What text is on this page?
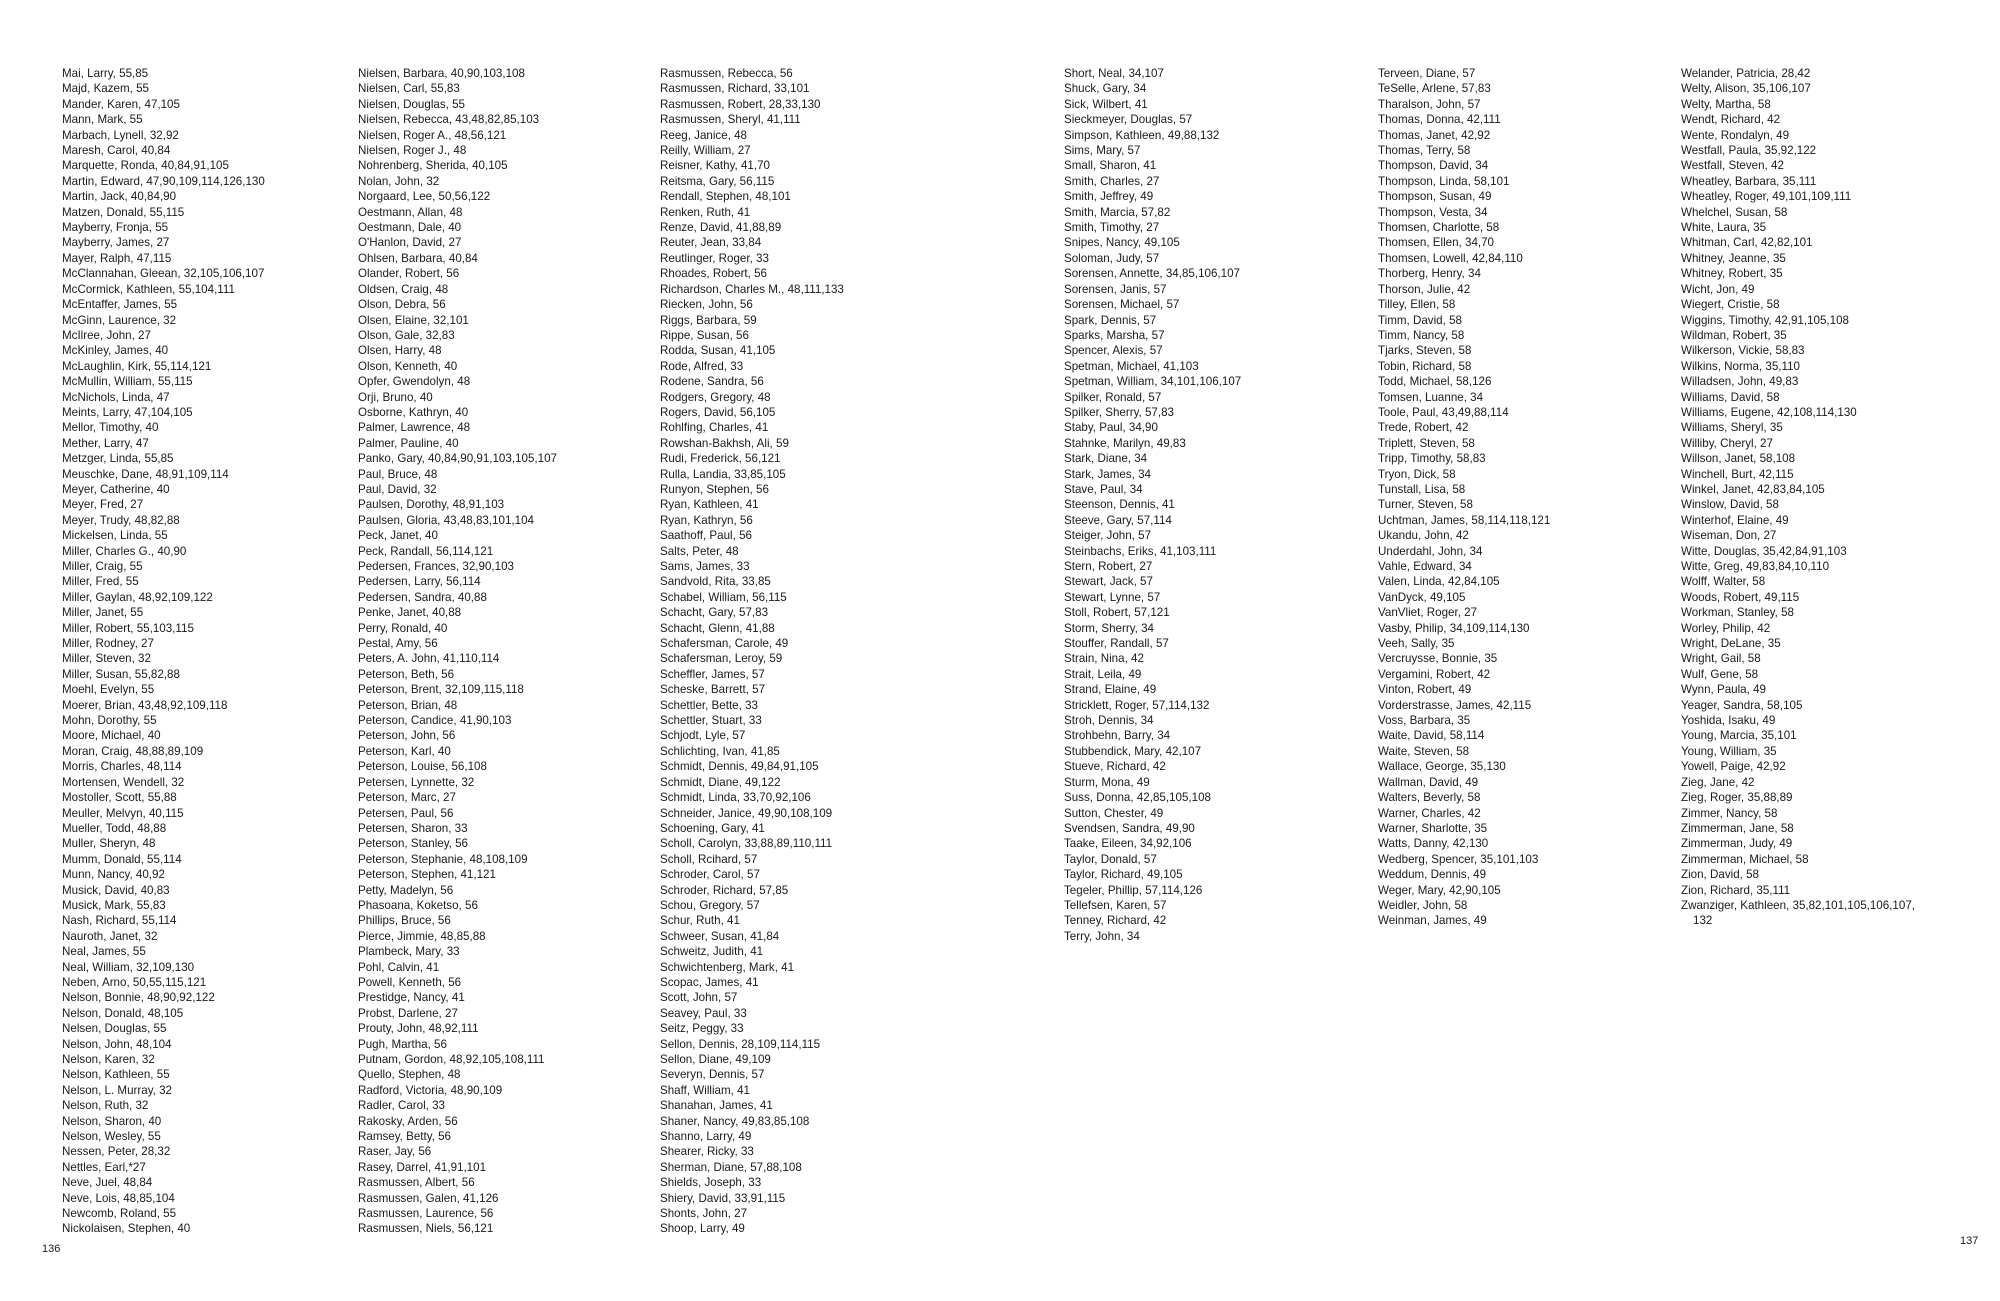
Mai, Larry, 55,85
Majd, Kazem, 55
Mander, Karen, 47,105
Mann, Mark, 55
Marbach, Lynell, 32,92
Maresh, Carol, 40,84
Marquette, Ronda, 40,84,91,105
Martin, Edward, 47,90,109,114,126,130
Martin, Jack, 40,84,90
Matzen, Donald, 55,115
Mayberry, Fronja, 55
Mayberry, James, 27
Mayer, Ralph, 47,115
McClannahan, Gleean, 32,105,106,107
McCormick, Kathleen, 55,104,111
McEntaffer, James, 55
McGinn, Laurence, 32
McIlree, John, 27
McKinley, James, 40
McLaughlin, Kirk, 55,114,121
McMullin, William, 55,115
McNichols, Linda, 47
Meints, Larry, 47,104,105
Mellor, Timothy, 40
Mether, Larry, 47
Metzger, Linda, 55,85
Meuschke, Dane, 48,91,109,114
Meyer, Catherine, 40
Meyer, Fred, 27
Meyer, Trudy, 48,82,88
Mickelsen, Linda, 55
Miller, Charles G., 40,90
Miller, Craig, 55
Miller, Fred, 55
Miller, Gaylan, 48,92,109,122
Miller, Janet, 55
Miller, Robert, 55,103,115
Miller, Rodney, 27
Miller, Steven, 32
Miller, Susan, 55,82,88
Moehl, Evelyn, 55
Moerer, Brian, 43,48,92,109,118
Mohn, Dorothy, 55
Moore, Michael, 40
Moran, Craig, 48,88,89,109
Morris, Charles, 48,114
Mortensen, Wendell, 32
Mostoller, Scott, 55,88
Meuller, Melvyn, 40,115
Mueller, Todd, 48,88
Muller, Sheryn, 48
Mumm, Donald, 55,114
Munn, Nancy, 40,92
Musick, David, 40,83
Musick, Mark, 55,83
Nash, Richard, 55,114
Nauroth, Janet, 32
Neal, James, 55
Neal, William, 32,109,130
Neben, Arno, 50,55,115,121
Nelson, Bonnie, 48,90,92,122
Nelson, Donald, 48,105
Nelsen, Douglas, 55
Nelson, John, 48,104
Nelson, Karen, 32
Nelson, Kathleen, 55
Nelson, L. Murray, 32
Nelson, Ruth, 32
Nelson, Sharon, 40
Nelson, Wesley, 55
Nessen, Peter, 28,32
Nettles, Earl,*27
Neve, Juel, 48,84
Neve, Lois, 48,85,104
Newcomb, Roland, 55
Nickolaisen, Stephen, 40
Nielsen, Barbara, 40,90,103,108
Nielsen, Carl, 55,83
Nielsen, Douglas, 55
Nielsen, Rebecca, 43,48,82,85,103
Nielsen, Roger A., 48,56,121
Nielsen, Roger J., 48
Nohrenberg, Sherida, 40,105
Nolan, John, 32
Norgaard, Lee, 50,56,122
Oestmann, Allan, 48
Oestmann, Dale, 40
O'Hanlon, David, 27
Ohlsen, Barbara, 40,84
Olander, Robert, 56
Oldsen, Craig, 48
Olson, Debra, 56
Olsen, Elaine, 32,101
Olson, Gale, 32,83
Olsen, Harry, 48
Olson, Kenneth, 40
Opfer, Gwendolyn, 48
Orji, Bruno, 40
Osborne, Kathryn, 40
Palmer, Lawrence, 48
Palmer, Pauline, 40
Panko, Gary, 40,84,90,91,103,105,107
Paul, Bruce, 48
Paul, David, 32
Paulsen, Dorothy, 48,91,103
Paulsen, Gloria, 43,48,83,101,104
Peck, Janet, 40
Peck, Randall, 56,114,121
Pedersen, Frances, 32,90,103
Pedersen, Larry, 56,114
Pedersen, Sandra, 40,88
Penke, Janet, 40,88
Perry, Ronald, 40
Pestal, Amy, 56
Peters, A. John, 41,110,114
Peterson, Beth, 56
Peterson, Brent, 32,109,115,118
Peterson, Brian, 48
Peterson, Candice, 41,90,103
Peterson, John, 56
Peterson, Karl, 40
Peterson, Louise, 56,108
Petersen, Lynnette, 32
Peterson, Marc, 27
Petersen, Paul, 56
Petersen, Sharon, 33
Peterson, Stanley, 56
Peterson, Stephanie, 48,108,109
Peterson, Stephen, 41,121
Petty, Madelyn, 56
Phasoana, Koketso, 56
Phillips, Bruce, 56
Pierce, Jimmie, 48,85,88
Plambeck, Mary, 33
Pohl, Calvin, 41
Powell, Kenneth, 56
Prestidge, Nancy, 41
Probst, Darlene, 27
Prouty, John, 48,92,111
Pugh, Martha, 56
Putnam, Gordon, 48,92,105,108,111
Quello, Stephen, 48
Radford, Victoria, 48,90,109
Radler, Carol, 33
Rakosky, Arden, 56
Ramsey, Betty, 56
Raser, Jay, 56
Rasey, Darrel, 41,91,101
Rasmussen, Albert, 56
Rasmussen, Galen, 41,126
Rasmussen, Laurence, 56
Rasmussen, Niels, 56,121
Rasmussen, Rebecca, 56
Rasmussen, Richard, 33,101
Rasmussen, Robert, 28,33,130
Rasmussen, Sheryl, 41,111
Reeg, Janice, 48
Reilly, William, 27
Reisner, Kathy, 41,70
Reitsma, Gary, 56,115
Rendall, Stephen, 48,101
Renken, Ruth, 41
Renze, David, 41,88,89
Reuter, Jean, 33,84
Reutlinger, Roger, 33
Rhoades, Robert, 56
Richardson, Charles M., 48,111,133
Riecken, John, 56
Riggs, Barbara, 59
Rippe, Susan, 56
Rodda, Susan, 41,105
Rode, Alfred, 33
Rodene, Sandra, 56
Rodgers, Gregory, 48
Rogers, David, 56,105
Rohlfing, Charles, 41
Rowshan-Bakhsh, Ali, 59
Rudi, Frederick, 56,121
Rulla, Landia, 33,85,105
Runyon, Stephen, 56
Ryan, Kathleen, 41
Ryan, Kathryn, 56
Saathoff, Paul, 56
Salts, Peter, 48
Sams, James, 33
Sandvold, Rita, 33,85
Schabel, William, 56,115
Schacht, Gary, 57,83
Schacht, Glenn, 41,88
Schafersman, Carole, 49
Schafersman, Leroy, 59
Scheffler, James, 57
Scheske, Barrett, 57
Schettler, Bette, 33
Schettler, Stuart, 33
Schjodt, Lyle, 57
Schlichting, Ivan, 41,85
Schmidt, Dennis, 49,84,91,105
Schmidt, Diane, 49,122
Schmidt, Linda, 33,70,92,106
Schneider, Janice, 49,90,108,109
Schoening, Gary, 41
Scholl, Carolyn, 33,88,89,110,111
Scholl, Rcihard, 57
Schroder, Carol, 57
Schroder, Richard, 57,85
Schou, Gregory, 57
Schur, Ruth, 41
Schweer, Susan, 41,84
Schweitz, Judith, 41
Schwichtenberg, Mark, 41
Scopac, James, 41
Scott, John, 57
Seavey, Paul, 33
Seitz, Peggy, 33
Sellon, Dennis, 28,109,114,115
Sellon, Diane, 49,109
Severyn, Dennis, 57
Shaff, William, 41
Shanahan, James, 41
Shaner, Nancy, 49,83,85,108
Shanno, Larry, 49
Shearer, Ricky, 33
Sherman, Diane, 57,88,108
Shields, Joseph, 33
Shiery, David, 33,91,115
Shonts, John, 27
Shoop, Larry, 49
Short, Neal, 34,107
Shuck, Gary, 34
Sick, Wilbert, 41
Sieckmeyer, Douglas, 57
Simpson, Kathleen, 49,88,132
Sims, Mary, 57
Small, Sharon, 41
Smith, Charles, 27
Smith, Jeffrey, 49
Smith, Marcia, 57,82
Smith, Timothy, 27
Snipes, Nancy, 49,105
Soloman, Judy, 57
Sorensen, Annette, 34,85,106,107
Sorensen, Janis, 57
Sorensen, Michael, 57
Spark, Dennis, 57
Sparks, Marsha, 57
Spencer, Alexis, 57
Spetman, Michael, 41,103
Spetman, William, 34,101,106,107
Spilker, Ronald, 57
Spilker, Sherry, 57,83
Staby, Paul, 34,90
Stahnke, Marilyn, 49,83
Stark, Diane, 34
Stark, James, 34
Stave, Paul, 34
Steenson, Dennis, 41
Steeve, Gary, 57,114
Steiger, John, 57
Steinbachs, Eriks, 41,103,111
Stern, Robert, 27
Stewart, Jack, 57
Stewart, Lynne, 57
Stoll, Robert, 57,121
Storm, Sherry, 34
Stouffer, Randall, 57
Strain, Nina, 42
Strait, Leila, 49
Strand, Elaine, 49
Stricklett, Roger, 57,114,132
Stroh, Dennis, 34
Strohbehn, Barry, 34
Stubbendick, Mary, 42,107
Stueve, Richard, 42
Sturm, Mona, 49
Suss, Donna, 42,85,105,108
Sutton, Chester, 49
Svendsen, Sandra, 49,90
Taake, Eileen, 34,92,106
Taylor, Donald, 57
Taylor, Richard, 49,105
Tegeler, Phillip, 57,114,126
Tellefsen, Karen, 57
Tenney, Richard, 42
Terry, John, 34
Terveen, Diane, 57
TeSelle, Arlene, 57,83
Tharalson, John, 57
Thomas, Donna, 42,111
Thomas, Janet, 42,92
Thomas, Terry, 58
Thompson, David, 34
Thompson, Linda, 58,101
Thompson, Susan, 49
Thompson, Vesta, 34
Thomsen, Charlotte, 58
Thomsen, Ellen, 34,70
Thomsen, Lowell, 42,84,110
Thorberg, Henry, 34
Thorson, Julie, 42
Tilley, Ellen, 58
Timm, David, 58
Timm, Nancy, 58
Tjarks, Steven, 58
Tobin, Richard, 58
Todd, Michael, 58,126
Tomsen, Luanne, 34
Toole, Paul, 43,49,88,114
Trede, Robert, 42
Triplett, Steven, 58
Tripp, Timothy, 58,83
Tryon, Dick, 58
Tunstall, Lisa, 58
Turner, Steven, 58
Uchtman, James, 58,114,118,121
Ukandu, John, 42
Underdahl, John, 34
Vahle, Edward, 34
Valen, Linda, 42,84,105
VanDyck, 49,105
VanVliet, Roger, 27
Vasby, Philip, 34,109,114,130
Veeh, Sally, 35
Vercruysse, Bonnie, 35
Vergamini, Robert, 42
Vinton, Robert, 49
Vorderstrasse, James, 42,115
Voss, Barbara, 35
Waite, David, 58,114
Waite, Steven, 58
Wallace, George, 35,130
Wallman, David, 49
Walters, Beverly, 58
Warner, Charles, 42
Warner, Sharlotte, 35
Watts, Danny, 42,130
Wedberg, Spencer, 35,101,103
Weddum, Dennis, 49
Weger, Mary, 42,90,105
Weidler, John, 58
Weinman, James, 49
Welander, Patricia, 28,42
Welty, Alison, 35,106,107
Welty, Martha, 58
Wendt, Richard, 42
Wente, Rondalyn, 49
Westfall, Paula, 35,92,122
Westfall, Steven, 42
Wheatley, Barbara, 35,111
Wheatley, Roger, 49,101,109,111
Whelchel, Susan, 58
White, Laura, 35
Whitman, Carl, 42,82,101
Whitney, Jeanne, 35
Whitney, Robert, 35
Wicht, Jon, 49
Wiegert, Cristie, 58
Wiggins, Timothy, 42,91,105,108
Wildman, Robert, 35
Wilkerson, Vickie, 58,83
Wilkins, Norma, 35,110
Willadsen, John, 49,83
Williams, David, 58
Williams, Eugene, 42,108,114,130
Williams, Sheryl, 35
Williby, Cheryl, 27
Willson, Janet, 58,108
Winchell, Burt, 42,115
Winkel, Janet, 42,83,84,105
Winslow, David, 58
Winterhof, Elaine, 49
Wiseman, Don, 27
Witte, Douglas, 35,42,84,91,103
Witte, Greg, 49,83,84,10,110
Wolff, Walter, 58
Woods, Robert, 49,115
Workman, Stanley, 58
Worley, Philip, 42
Wright, DeLane, 35
Wright, Gail, 58
Wulf, Gene, 58
Wynn, Paula, 49
Yeager, Sandra, 58,105
Yoshida, Isaku, 49
Young, Marcia, 35,101
Young, William, 35
Yowell, Paige, 42,92
Zieg, Jane, 42
Zieg, Roger, 35,88,89
Zimmer, Nancy, 58
Zimmerman, Jane, 58
Zimmerman, Judy, 49
Zimmerman, Michael, 58
Zion, David, 58
Zion, Richard, 35,111
Zwanziger, Kathleen, 35,82,101,105,106,107,
132
136
137
